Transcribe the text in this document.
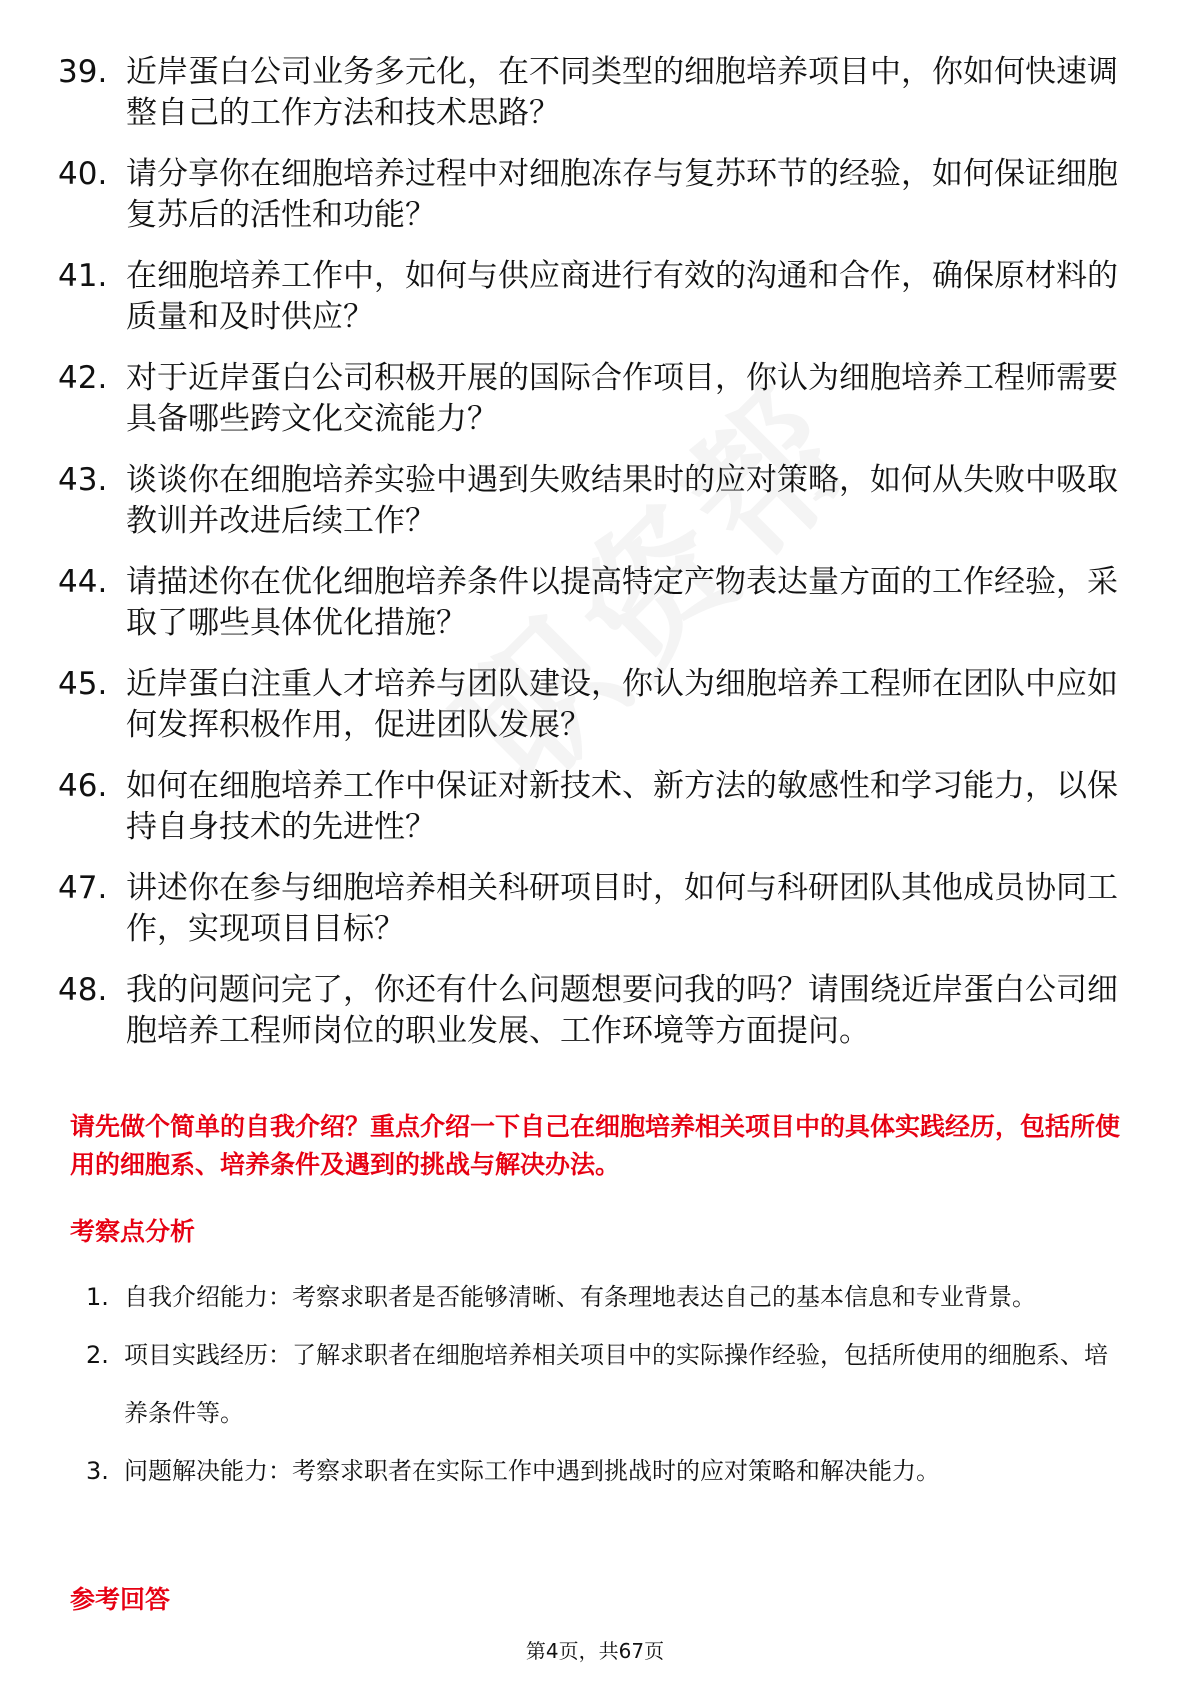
39. 近岸蛋白公司业务多元化，在不同类型的细胞培养项目中，你如何快速调整自己的工作方法和技术思路？
40. 请分享你在细胞培养过程中对细胞冻存与复苏环节的经验，如何保证细胞复苏后的活性和功能？
41. 在细胞培养工作中，如何与供应商进行有效的沟通和合作，确保原材料的质量和及时供应？
42. 对于近岸蛋白公司积极开展的国际合作项目，你认为细胞培养工程师需要具备哪些跨文化交流能力？
43. 谈谈你在细胞培养实验中遇到失败结果时的应对策略，如何从失败中吸取教训并改进后续工作？
44. 请描述你在优化细胞培养条件以提高特定产物表达量方面的工作经验，采取了哪些具体优化措施？
45. 近岸蛋白注重人才培养与团队建设，你认为细胞培养工程师在团队中应如何发挥积极作用，促进团队发展？
46. 如何在细胞培养工作中保证对新技术、新方法的敏感性和学习能力，以保持自身技术的先进性？
47. 讲述你在参与细胞培养相关科研项目时，如何与科研团队其他成员协同工作，实现项目目标？
48. 我的问题问完了，你还有什么问题想要问我的吗？请围绕近岸蛋白公司细胞培养工程师岗位的职业发展、工作环境等方面提问。
请先做个简单的自我介绍？重点介绍一下自己在细胞培养相关项目中的具体实践经历，包括所使用的细胞系、培养条件及遇到的挑战与解决办法。
考察点分析
1. 自我介绍能力：考察求职者是否能够清晰、有条理地表达自己的基本信息和专业背景。
2. 项目实践经历：了解求职者在细胞培养相关项目中的实际操作经验，包括所使用的细胞系、培养条件等。
3. 问题解决能力：考察求职者在实际工作中遇到挑战时的应对策略和解决能力。
参考回答
第4页，共67页
